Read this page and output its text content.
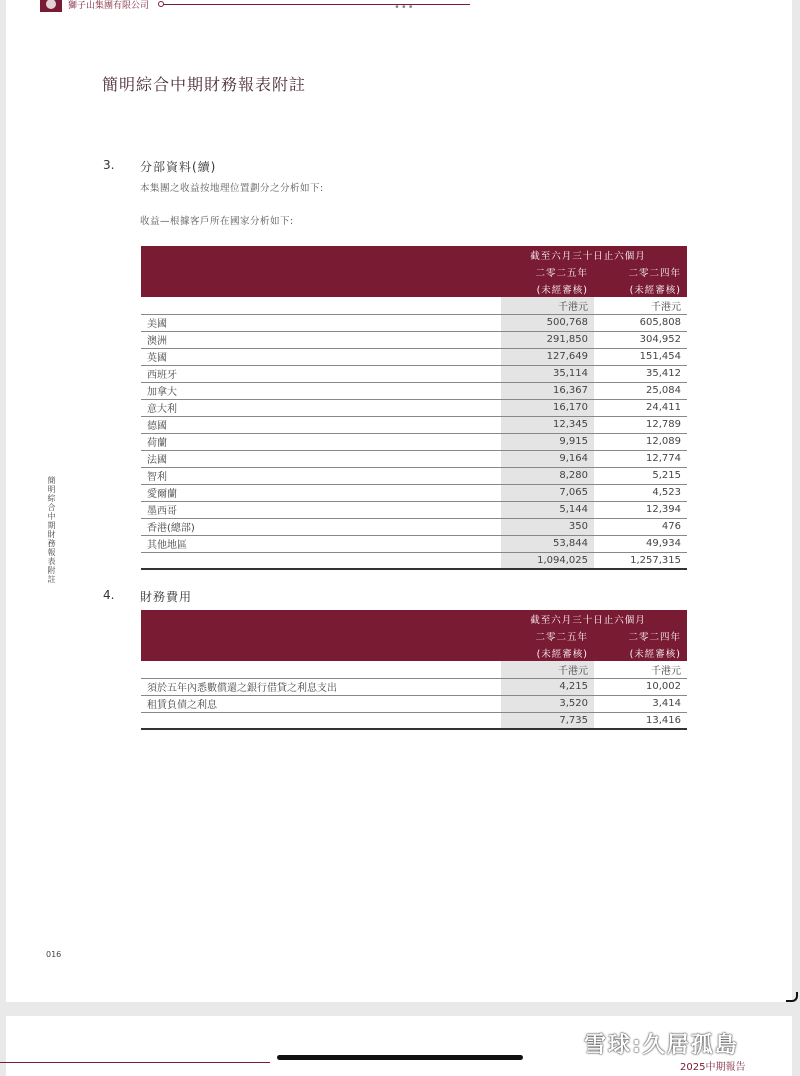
獅子山集團有限公司	•••
簡明綜合中期財務報表附註
3. 分部資料(續)
本集團之收益按地理位置劃分之分析如下:
收益—根據客戶所在國家分析如下:
	截至六月三十日止六個月	
	二零二五年	二零二四年
	(未經審核)	(未經審核)
	千港元	千港元
美國	500,768	605,808
澳洲	291,850	304,952
英國	127,649	151,454
西班牙	35,114	35,412
加拿大	16,367	25,084
意大利	16,170	24,411
德國	12,345	12,789
荷蘭	9,915	12,089
法國	9,164	12,774
智利	8,280	5,215
愛爾蘭	7,065	4,523
墨西哥	5,144	12,394
香港(總部)	350	476
其他地區	53,844	49,934
	1,094,025	1,257,315
4. 財務費用
	截至六月三十日止六個月	
	二零二五年	二零二四年
	(未經審核)	(未經審核)
	千港元	千港元
須於五年內悉數償還之銀行借貸之利息支出	4,215	10,002
租賃負債之利息	3,520	3,414
	7,735	13,416
簡明綜合中期財務報表附註
016
2025中期報告
雪球:久居孤島
